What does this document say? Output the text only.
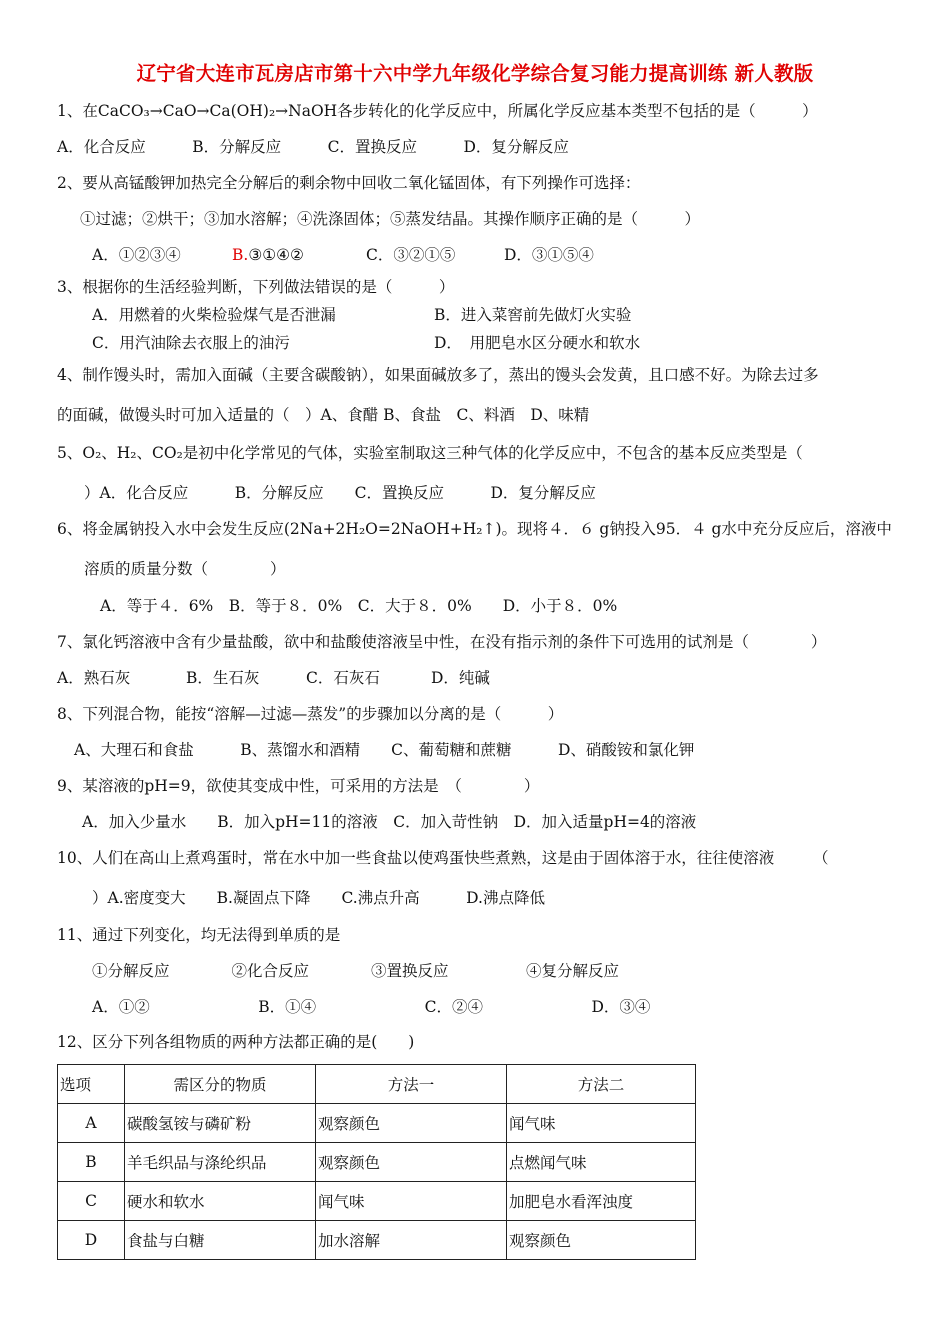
辽宁省大连市瓦房店市第十六中学九年级化学综合复习能力提高训练 新人教版
1、在CaCO₃→CaO→Ca(OH)₂→NaOH各步转化的化学反应中，所属化学反应基本类型不包括的是（　　　）
A．化合反应　　　B．分解反应　　　C．置换反应　　　D．复分解反应
2、要从高锰酸钾加热完全分解后的剩余物中回收二氧化锰固体，有下列操作可选择：
①过滤；②烘干；③加水溶解；④洗涤固体；⑤蒸发结晶。其操作顺序正确的是（　　　）
A．①②③④	B.③①④②	C．③②①⑤	D．③①⑤④
3、根据你的生活经验判断，下列做法错误的是（　　　）
A．用燃着的火柴检验煤气是否泄漏	B．进入菜窖前先做灯火实验
C．用汽油除去衣服上的油污	D．　用肥皂水区分硬水和软水
4、制作馒头时，需加入面碱（主要含碳酸钠），如果面碱放多了，蒸出的馒头会发黄，且口感不好。为除去过多
的面碱，做馒头时可加入适量的（　）A、食醋 B、食盐　C、料酒　D、味精
5、O₂、H₂、CO₂是初中化学常见的气体，实验室制取这三种气体的化学反应中，不包含的基本反应类型是（
）A．化合反应　　　B．分解反应　　C．置换反应　　　D．复分解反应
6、将金属钠投入水中会发生反应(2Na+2H₂O=2NaOH+H₂↑)。现将４．６ g钠投入95．４ g水中充分反应后，溶液中
溶质的质量分数（　　　　）
A．等于４．6%　B．等于８．0%　C．大于８．0%　　D．小于８．0%
7、氯化钙溶液中含有少量盐酸，欲中和盐酸使溶液呈中性，在没有指示剂的条件下可选用的试剂是（　　　　）
A．熟石灰	B．生石灰	C．石灰石	D．纯碱
8、下列混合物，能按“溶解—过滤—蒸发”的步骤加以分离的是（　　　）
A、大理石和食盐　　　B、蒸馏水和酒精　　C、葡萄糖和蔗糖　　　D、硝酸铵和氯化钾
9、某溶液的pH=9，欲使其变成中性，可采用的方法是　（　　　　）
A．加入少量水　　B．加入pH=11的溶液　C．加入苛性钠　D．加入适量pH=4的溶液
10、人们在高山上煮鸡蛋时，常在水中加一些食盐以使鸡蛋快些煮熟，这是由于固体溶于水，往往使溶液　　　（
）A.密度变大　　B.凝固点下降　　C.沸点升高　　　D.沸点降低
11、通过下列变化，均无法得到单质的是
①分解反应　　　　②化合反应　　　　③置换反应　　　　　④复分解反应
A．①②　　　　　　　B．①④　　　　　　　C．②④　　　　　　　D．③④
12、区分下列各组物质的两种方法都正确的是(　　)
选项	需区分的物质	方法一	方法二
A	碳酸氢铵与磷矿粉	观察颜色	闻气味
B	羊毛织品与涤纶织品	观察颜色	点燃闻气味
C	硬水和软水	闻气味	加肥皂水看浑浊度
D	食盐与白糖	加水溶解	观察颜色
